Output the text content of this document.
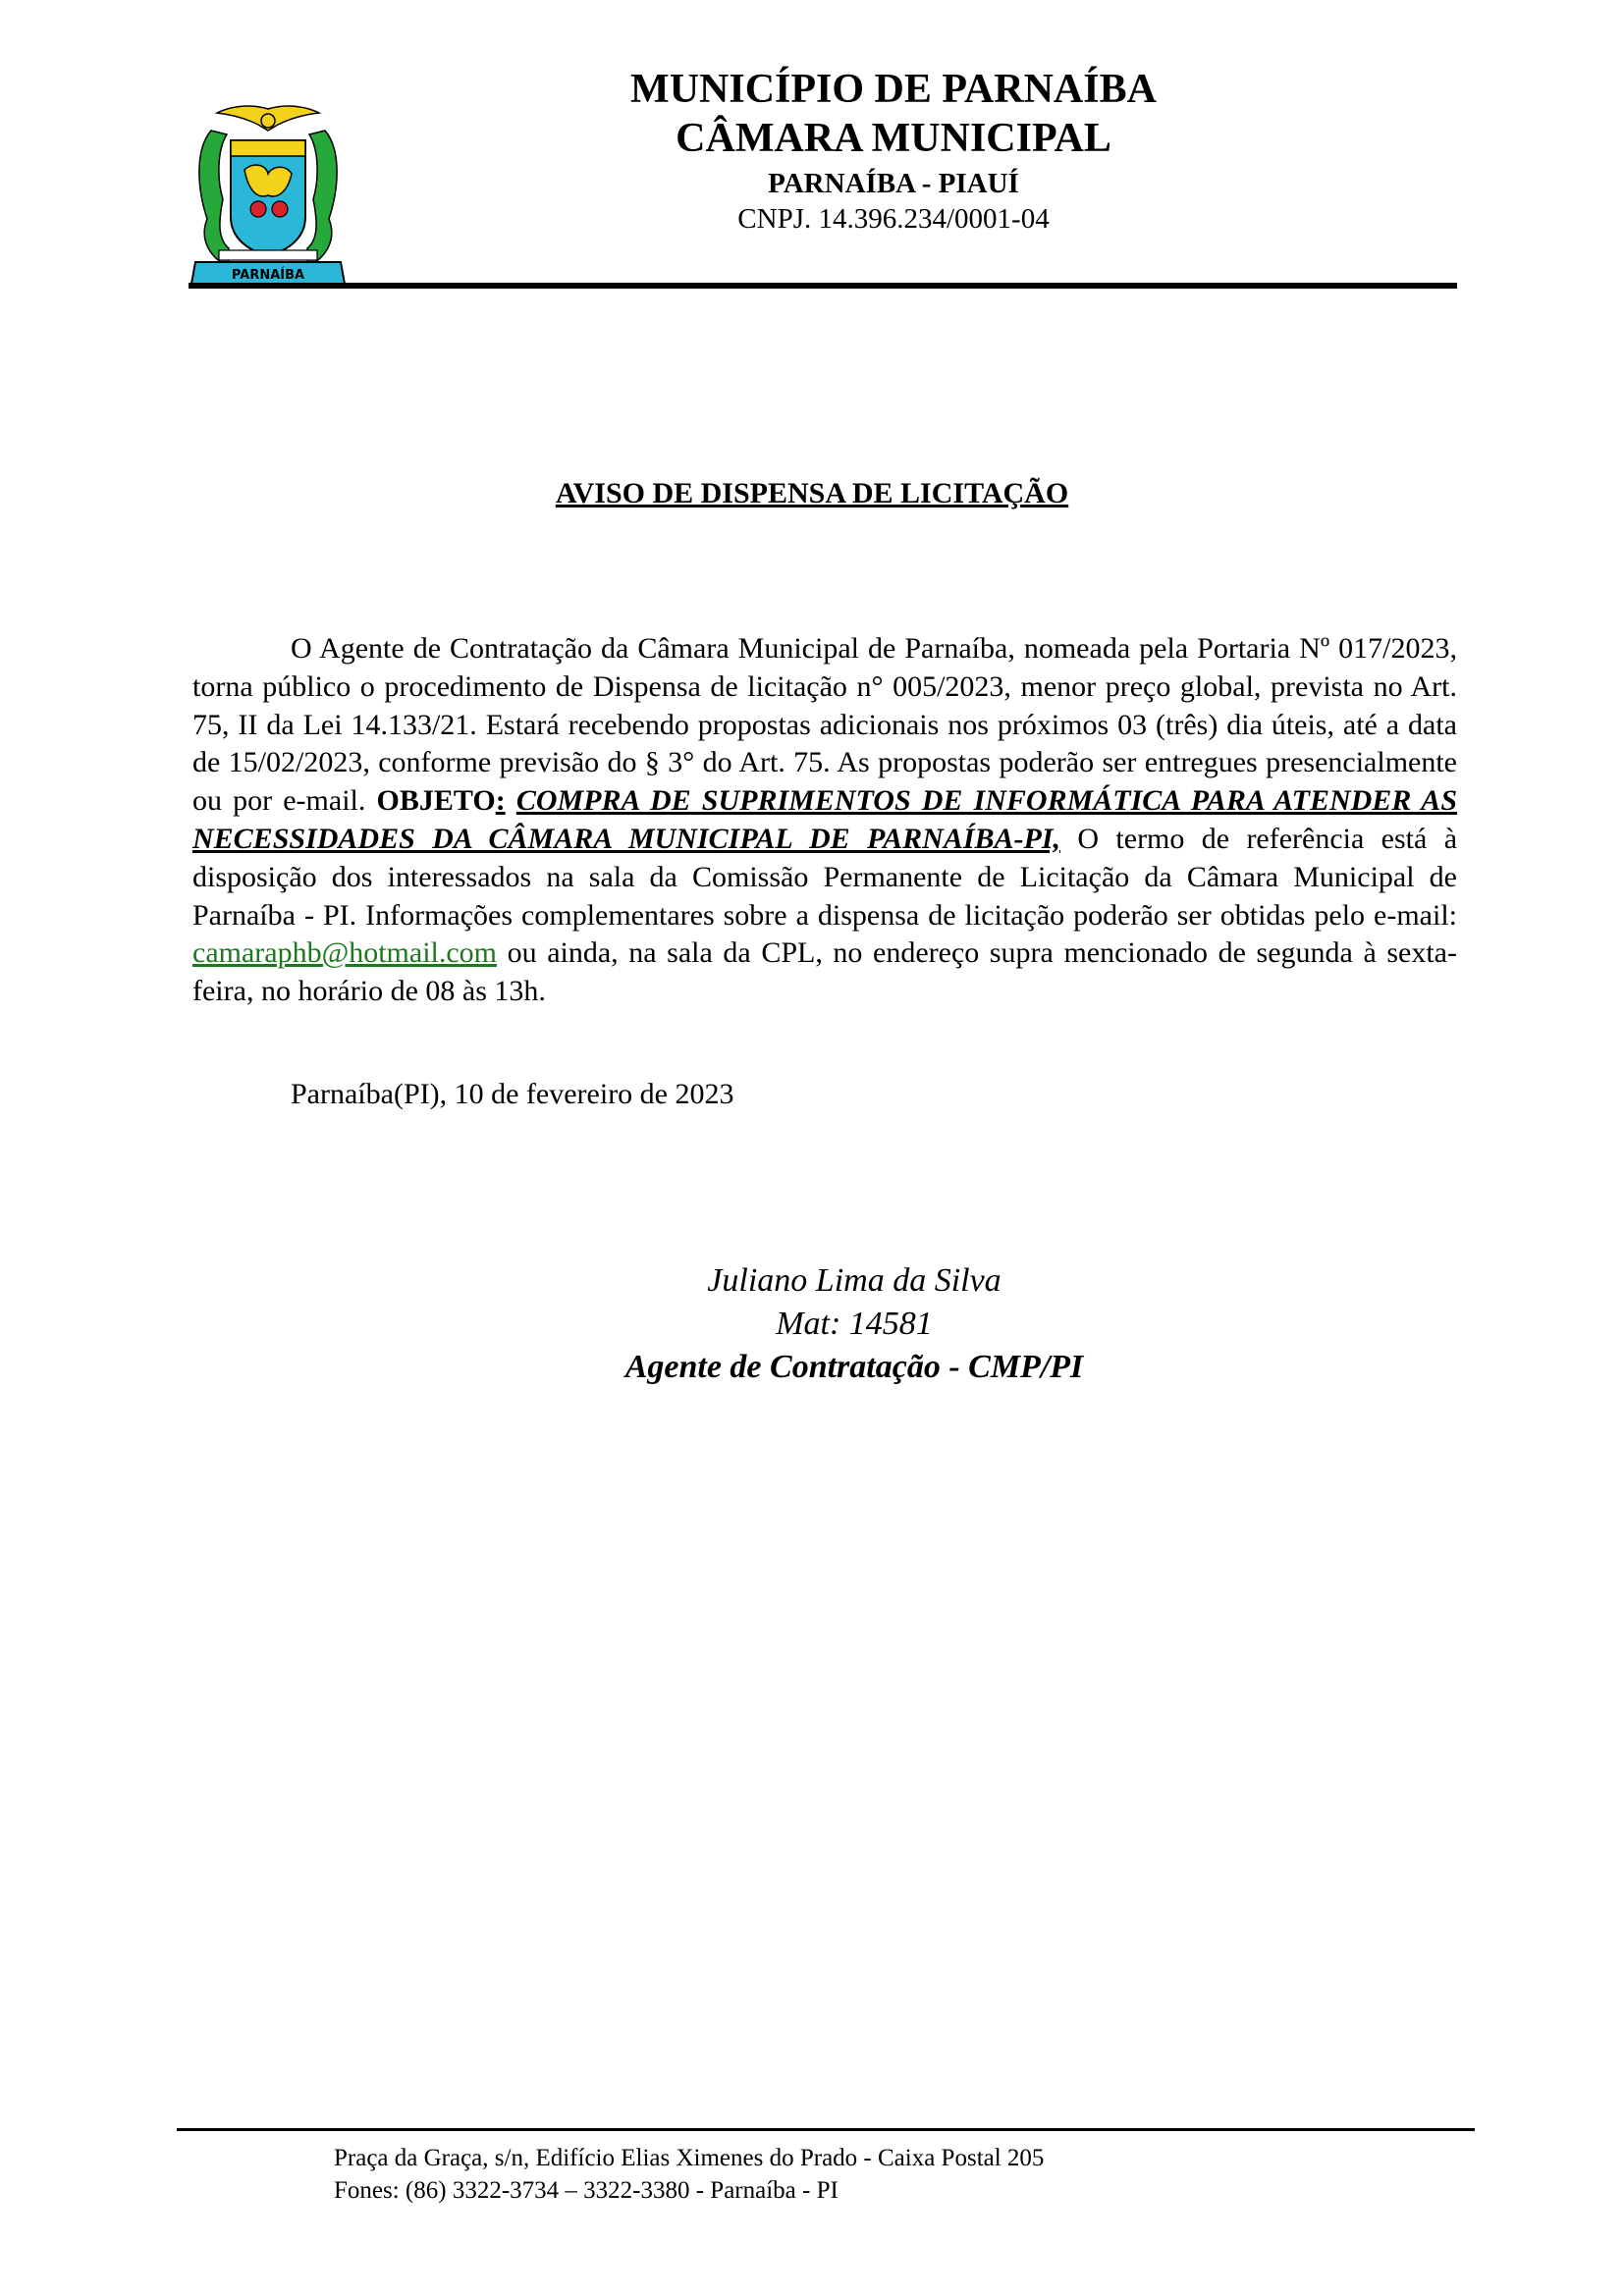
PARNAÍBA
MUNICÍPIO DE PARNAÍBA
CÂMARA MUNICIPAL
PARNAÍBA - PIAUÍ
CNPJ. 14.396.234/0001-04
AVISO DE DISPENSA DE LICITAÇÃO
O Agente de Contratação da Câmara Municipal de Parnaíba, nomeada pela Portaria Nº 017/2023, torna público o procedimento de Dispensa de licitação n° 005/2023, menor preço global, prevista no Art. 75, II da Lei 14.133/21. Estará recebendo propostas adicionais nos próximos 03 (três) dia úteis, até a data de 15/02/2023, conforme previsão do § 3° do Art. 75. As propostas poderão ser entregues presencialmente ou por e-mail. OBJETO: COMPRA DE SUPRIMENTOS DE INFORMÁTICA PARA ATENDER AS NECESSIDADES DA CÂMARA MUNICIPAL DE PARNAÍBA-PI, O termo de referência está à disposição dos interessados na sala da Comissão Permanente de Licitação da Câmara Municipal de Parnaíba - PI. Informações complementares sobre a dispensa de licitação poderão ser obtidas pelo e-mail: camaraphb@hotmail.com ou ainda, na sala da CPL, no endereço supra mencionado de segunda à sexta-feira, no horário de 08 às 13h.
Parnaíba(PI), 10 de fevereiro de 2023
Juliano Lima da Silva
Mat: 14581
Agente de Contratação - CMP/PI
Praça da Graça, s/n, Edifício Elias Ximenes do Prado - Caixa Postal 205
Fones: (86) 3322-3734 – 3322-3380 - Parnaíba - PI
